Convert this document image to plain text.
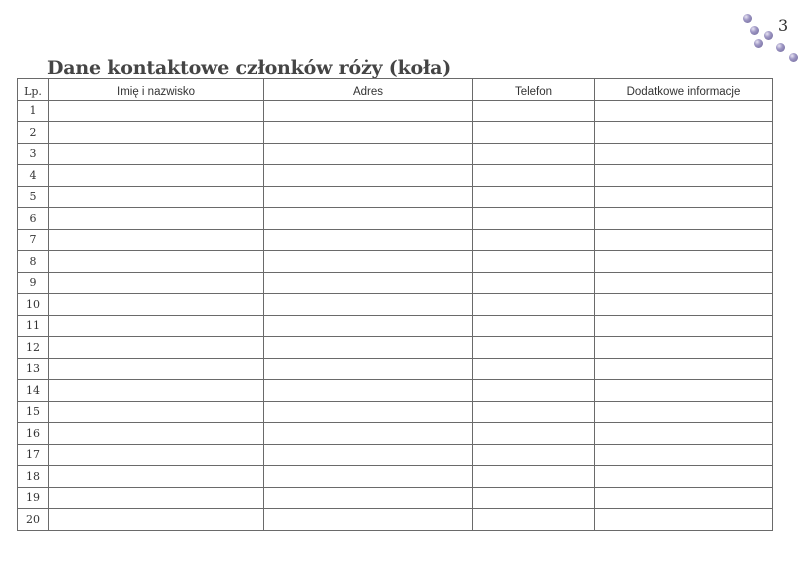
3
Dane kontaktowe członków róży (koła)
Lp.	Imię i nazwisko	Adres	Telefon	Dodatkowe informacje
1				
2				
3				
4				
5				
6				
7				
8				
9				
10				
11				
12				
13				
14				
15				
16				
17				
18				
19				
20				
